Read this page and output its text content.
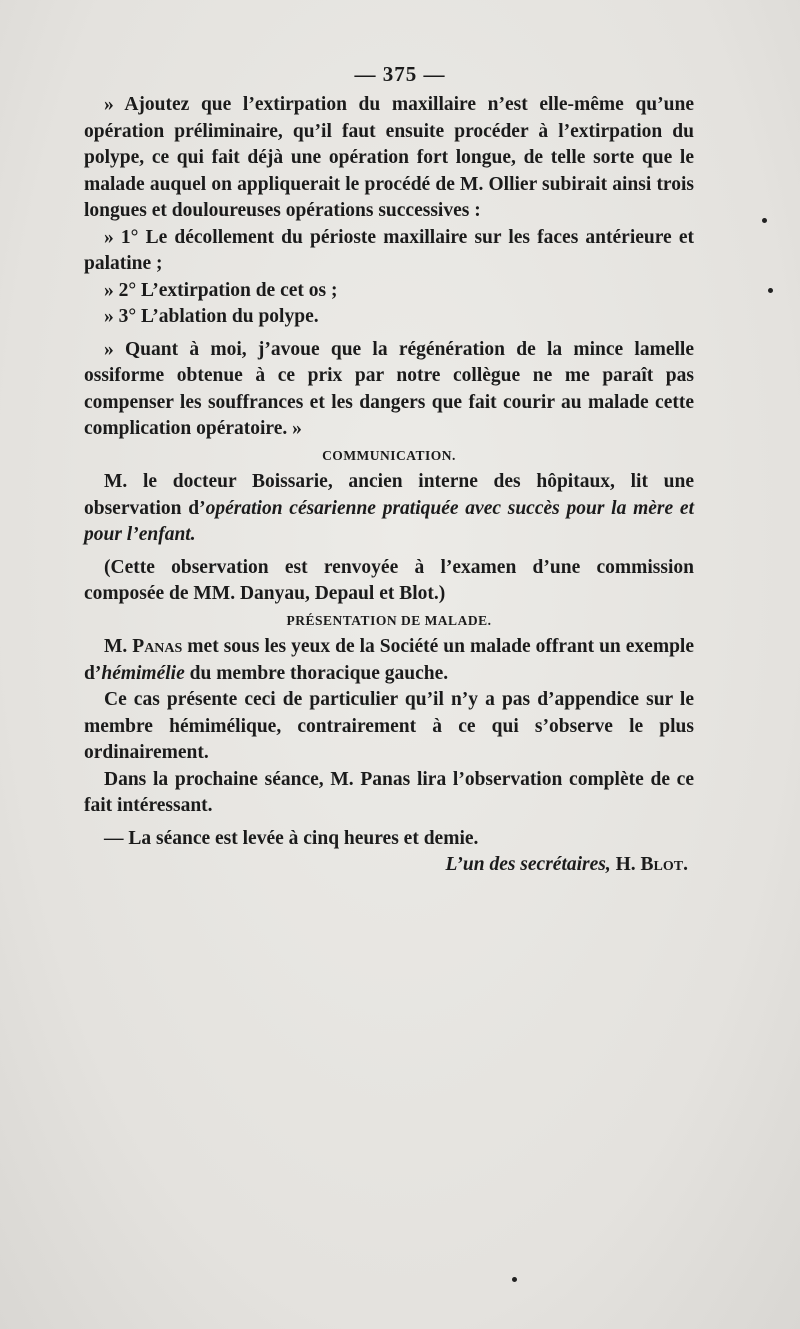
— 375 —

» Ajoutez que l’extirpation du maxillaire n’est elle-même qu’une opération préliminaire, qu’il faut ensuite procéder à l’extirpation du polype, ce qui fait déjà une opération fort longue, de telle sorte que le malade auquel on appliquerait le procédé de M. Ollier subirait ainsi trois longues et douloureuses opérations successives :

» 1° Le décollement du périoste maxillaire sur les faces antérieure et palatine ;

» 2° L’extirpation de cet os ;

» 3° L’ablation du polype.

» Quant à moi, j’avoue que la régénération de la mince lamelle ossiforme obtenue à ce prix par notre collègue ne me paraît pas compenser les souffrances et les dangers que fait courir au malade cette complication opératoire. »

COMMUNICATION.

M. le docteur Boissarie, ancien interne des hôpitaux, lit une observation d’opération césarienne pratiquée avec succès pour la mère et pour l’enfant.

(Cette observation est renvoyée à l’examen d’une commission composée de MM. Danyau, Depaul et Blot.)

PRÉSENTATION DE MALADE.

M. Panas met sous les yeux de la Société un malade offrant un exemple d’hémimélie du membre thoracique gauche.

Ce cas présente ceci de particulier qu’il n’y a pas d’appendice sur le membre hémimélique, contrairement à ce qui s’observe le plus ordinairement.

Dans la prochaine séance, M. Panas lira l’observation complète de ce fait intéressant.

— La séance est levée à cinq heures et demie.

L’un des secrétaires, H. Blot.
